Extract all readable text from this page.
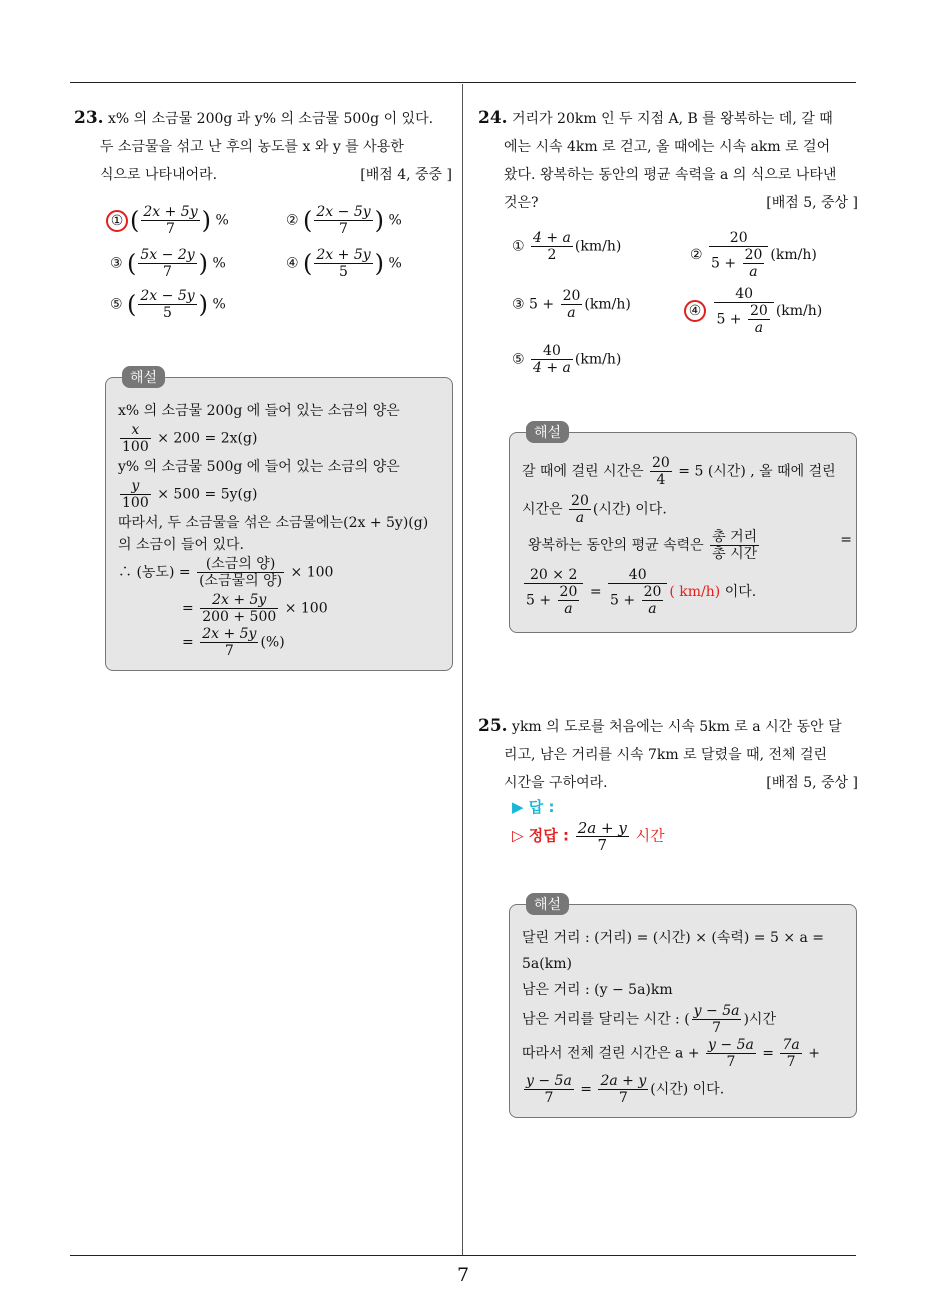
7
23. x% 의 소금물 200g 과 y% 의 소금물 500g 이 있다.
두 소금물을 섞고 난 후의 농도를 x 와 y 를 사용한
식으로 나타내어라.	[배점 4, 중중 ]
① ( $\frac{2x + 5y}{7}$ ) %	② ( $\frac{2x - 5y}{7}$ ) %
③ ( $\frac{5x - 2y}{7}$ ) %	④ ( $\frac{2x + 5y}{5}$ ) %
⑤ ( $\frac{2x - 5y}{5}$ ) %
해설
x% 의 소금물 200g 에 들어 있는 소금의 양은
$\frac{x}{100} \times 200 = 2x(g)$
y% 의 소금물 500g 에 들어 있는 소금의 양은
$\frac{y}{100} \times 500 = 5y(g)$
따라서, 두 소금물을 섞은 소금물에는(2x + 5y)(g)
의 소금이 들어 있다.
∴ (농도) = $\frac{\text{(소금의 양)}}{\text{(소금물의 양)}} \times 100$
= $\frac{2x + 5y}{200 + 500} \times 100$
= $\frac{2x + 5y}{7}$ (%)
24. 거리가 20km 인 두 지점 A, B 를 왕복하는 데, 갈 때
에는 시속 4km 로 걷고, 올 때에는 시속 akm 로 걸어
왔다. 왕복하는 동안의 평균 속력을 a 의 식으로 나타낸
것은?	[배점 5, 중상 ]
① $\frac{4 + a}{2} (km/h)$
② $\frac{20}{5 + \frac{20}{a}} (km/h)$
③ $5 + \frac{20}{a} (km/h)$	④ $\frac{40}{5 + \frac{20}{a}} (km/h)$
⑤ $\frac{40}{4 + a} (km/h)$
해설
갈 때에 걸린 시간은 $\frac{20}{4} = 5$ (시간) , 올 때에 걸린
시간은 $\frac{20}{a}$ (시간) 이다.
왕복하는 동안의 평균 속력은 $\frac{\text{총 거리}}{\text{총 시간}}$	=
$\frac{20 \times 2}{5 + \frac{20}{a}} = \frac{40}{5 + \frac{20}{a}}$ ( km/h) 이다.
25. ykm 의 도로를 처음에는 시속 5km 로 a 시간 동안 달
리고, 남은 거리를 시속 7km 로 달렸을 때, 전체 걸린
시간을 구하여라.	[배점 5, 중상 ]
▶ 답 :
▷ 정답 : $\frac{2a + y}{7}$ 시간
해설
달린 거리 : (거리) = (시간) × (속력) = 5 × a =
5a(km)
남은 거리 : (y − 5a)km
남은 거리를 달리는 시간 : ( $\frac{y - 5a}{7}$ )시간
따라서 전체 걸린 시간은 $a + \frac{y - 5a}{7} = \frac{7a}{7}$ +
$\frac{y - 5a}{7} = \frac{2a + y}{7}$ (시간) 이다.
